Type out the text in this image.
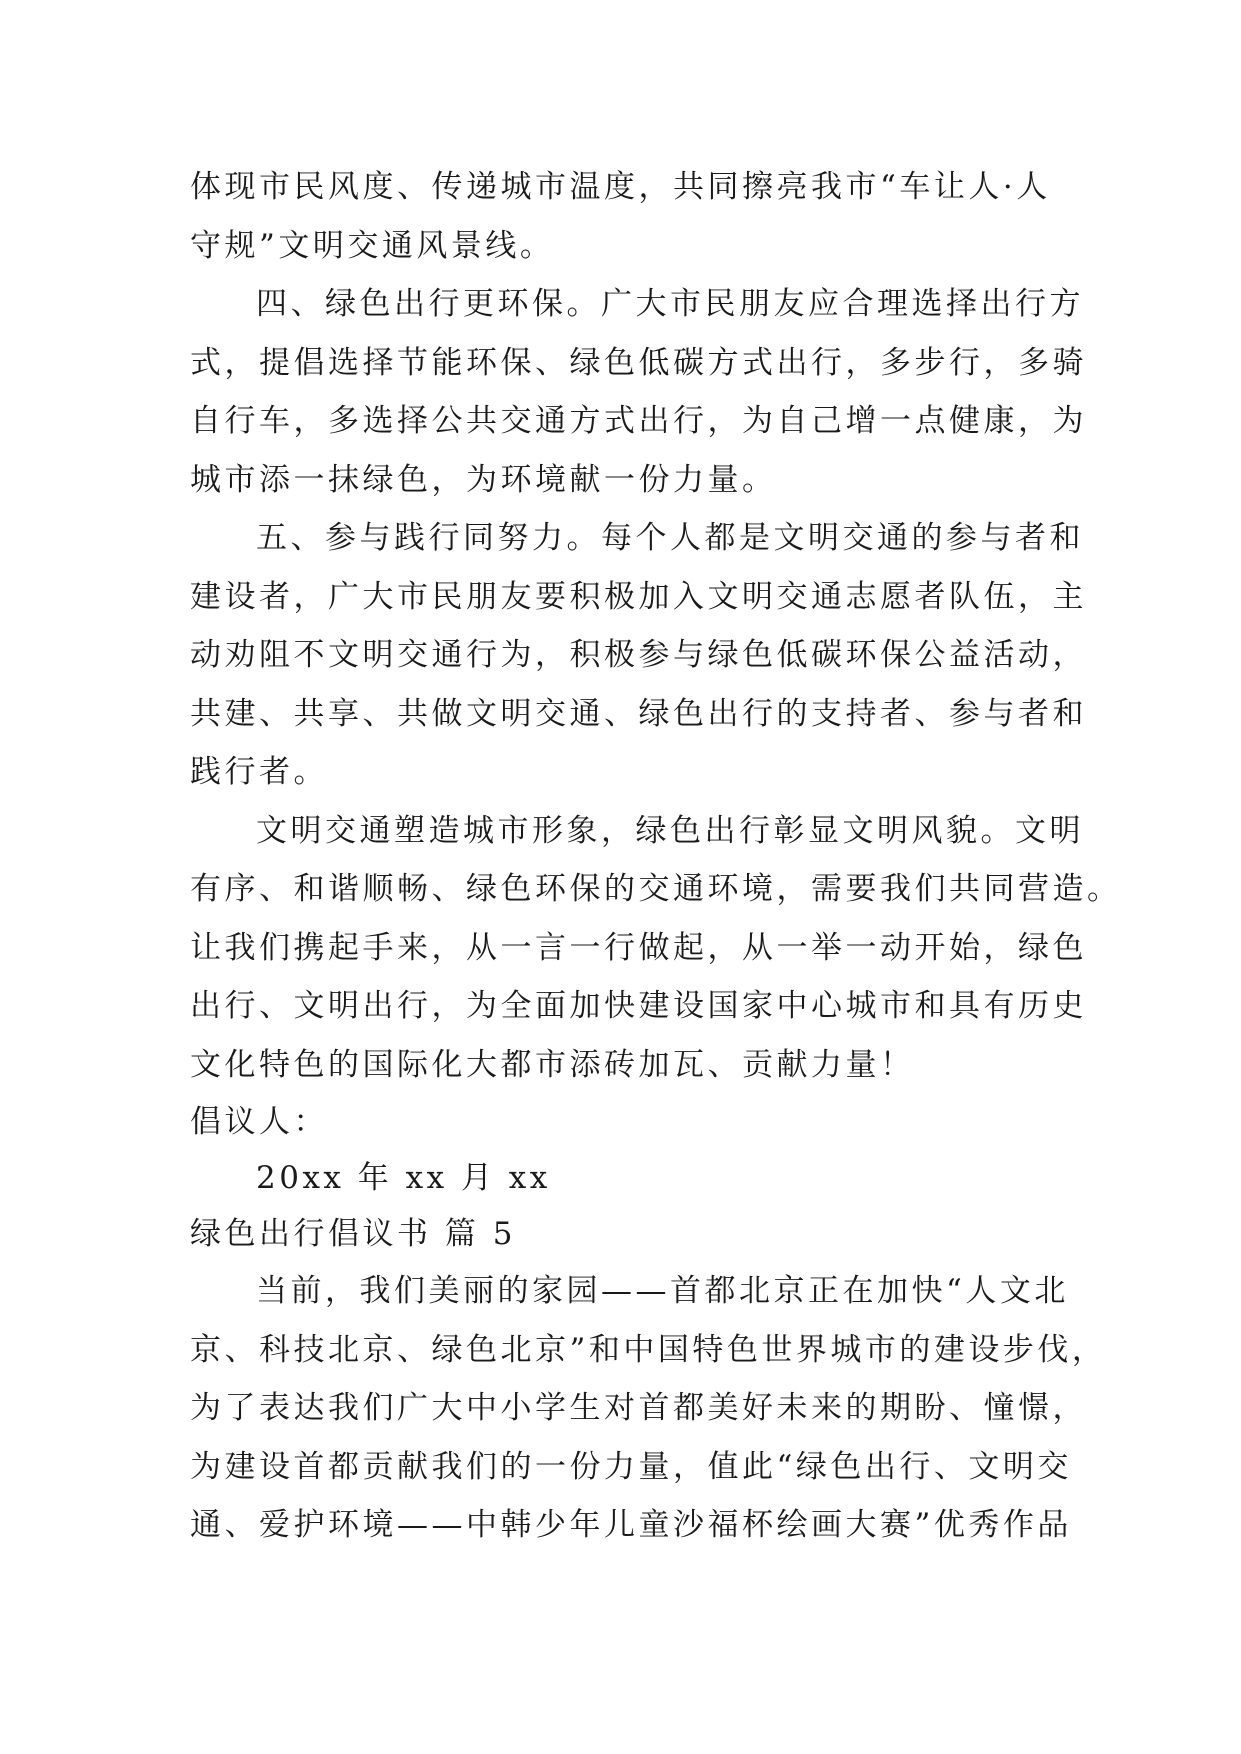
体现市民风度、传递城市温度，共同擦亮我市“车让人·人
守规”文明交通风景线。
四、绿色出行更环保。广大市民朋友应合理选择出行方
式，提倡选择节能环保、绿色低碳方式出行，多步行，多骑
自行车，多选择公共交通方式出行，为自己增一点健康，为
城市添一抹绿色，为环境献一份力量。
五、参与践行同努力。每个人都是文明交通的参与者和
建设者，广大市民朋友要积极加入文明交通志愿者队伍，主
动劝阻不文明交通行为，积极参与绿色低碳环保公益活动，
共建、共享、共做文明交通、绿色出行的支持者、参与者和
践行者。
文明交通塑造城市形象，绿色出行彰显文明风貌。文明
有序、和谐顺畅、绿色环保的交通环境，需要我们共同营造。
让我们携起手来，从一言一行做起，从一举一动开始，绿色
出行、文明出行，为全面加快建设国家中心城市和具有历史
文化特色的国际化大都市添砖加瓦、贡献力量！
倡议人：
20xx 年 xx 月 xx
绿色出行倡议书 篇 5
当前，我们美丽的家园——首都北京正在加快“人文北
京、科技北京、绿色北京”和中国特色世界城市的建设步伐，
为了表达我们广大中小学生对首都美好未来的期盼、憧憬，
为建设首都贡献我们的一份力量，值此“绿色出行、文明交
通、爱护环境——中韩少年儿童沙福杯绘画大赛”优秀作品
